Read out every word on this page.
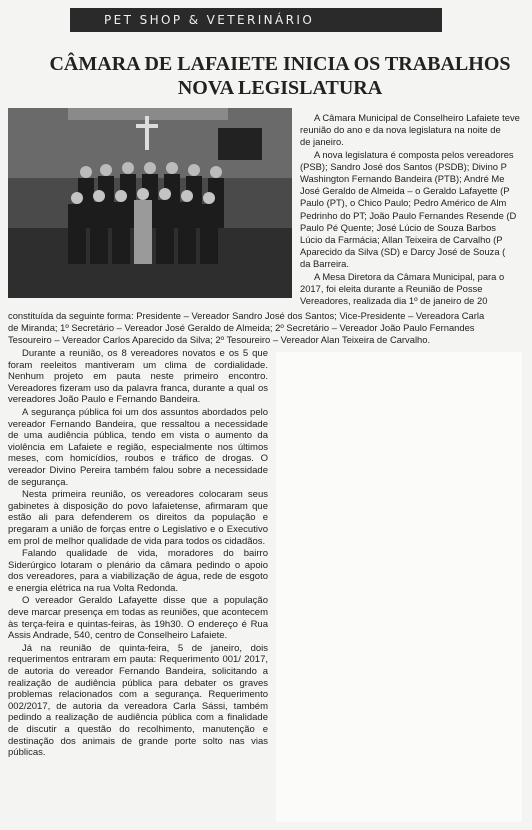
PET SHOP & VETERINÁRIO
CÂMARA DE LAFAIETE INICIA OS TRABALHOS
NOVA LEGISLATURA

A Câmara Municipal de Conselheiro Lafaiete teve

reunião do ano e da nova legislatura na noite de

de janeiro.

A nova legislatura é composta pelos vereadores

(PSB); Sandro José dos Santos (PSDB); Divino P

Washington Fernando Bandeira (PTB); André Me

José Geraldo de Almeida – o Geraldo Lafayette (P

Paulo (PT), o Chico Paulo; Pedro Américo de Alm

Pedrinho do PT; João Paulo Fernandes Resende (D

Paulo Pé Quente; José Lúcio de Souza Barbos

Lúcio da Farmácia; Allan Teixeira de Carvalho (P

Aparecido da Silva (SD) e Darcy José de Souza (

da Barreira.

A Mesa Diretora da Câmara Municipal, para o

2017, foi eleita durante a Reunião de Posse

Vereadores, realizada dia 1º de janeiro de 20

constituída da seguinte forma: Presidente – Vereador Sandro José dos Santos; Vice-Presidente – Vereadora Carla
de Miranda; 1º Secretário – Vereador José Geraldo de Almeida; 2º Secretário – Vereador João Paulo Fernandes
Tesoureiro – Vereador Carlos Aparecido da Silva; 2º Tesoureiro – Vereador Alan Teixeira de Carvalho.

Durante a reunião, os 8 vereadores novatos e os 5 que foram reeleitos mantiveram um clima de cordialidade. Nenhum projeto em pauta neste primeiro encontro. Vereadores fizeram uso da palavra franca, durante a qual os vereadores João Paulo e Fernando Bandeira.

A segurança pública foi um dos assuntos abordados pelo vereador Fernando Bandeira, que ressaltou a necessidade de uma audiência pública, tendo em vista o aumento da violência em Lafaiete e região, especialmente nos últimos meses, com homicídios, roubos e tráfico de drogas. O vereador Divino Pereira também falou sobre a necessidade de segurança.

Nesta primeira reunião, os vereadores colocaram seus gabinetes à disposição do povo lafaietense, afirmaram que estão ali para defenderem os direitos da população e pregaram a união de forças entre o Legislativo e o Executivo em prol de melhor qualidade de vida para todos os cidadãos.

Falando qualidade de vida, moradores do bairro Siderúrgico lotaram o plenário da câmara pedindo o apoio dos vereadores, para a viabilização de água, rede de esgoto e energia elétrica na rua Volta Redonda.

O vereador Geraldo Lafayette disse que a população deve marcar presença em todas as reuniões, que acontecem às terça-feira e quintas-feiras, às 19h30. O endereço é Rua Assis Andrade, 540, centro de Conselheiro Lafaiete.

Já na reunião de quinta-feira, 5 de janeiro, dois requerimentos entraram em pauta: Requerimento 001/ 2017, de autoria do vereador Fernando Bandeira, solicitando a realização de audiência pública para debater os graves problemas relacionados com a segurança. Requerimento 002/2017, de autoria da vereadora Carla Sássi, também pedindo a realização de audiência pública com a finalidade de discutir a questão do recolhimento, manutenção e destinação dos animais de grande porte solto nas vias públicas.
